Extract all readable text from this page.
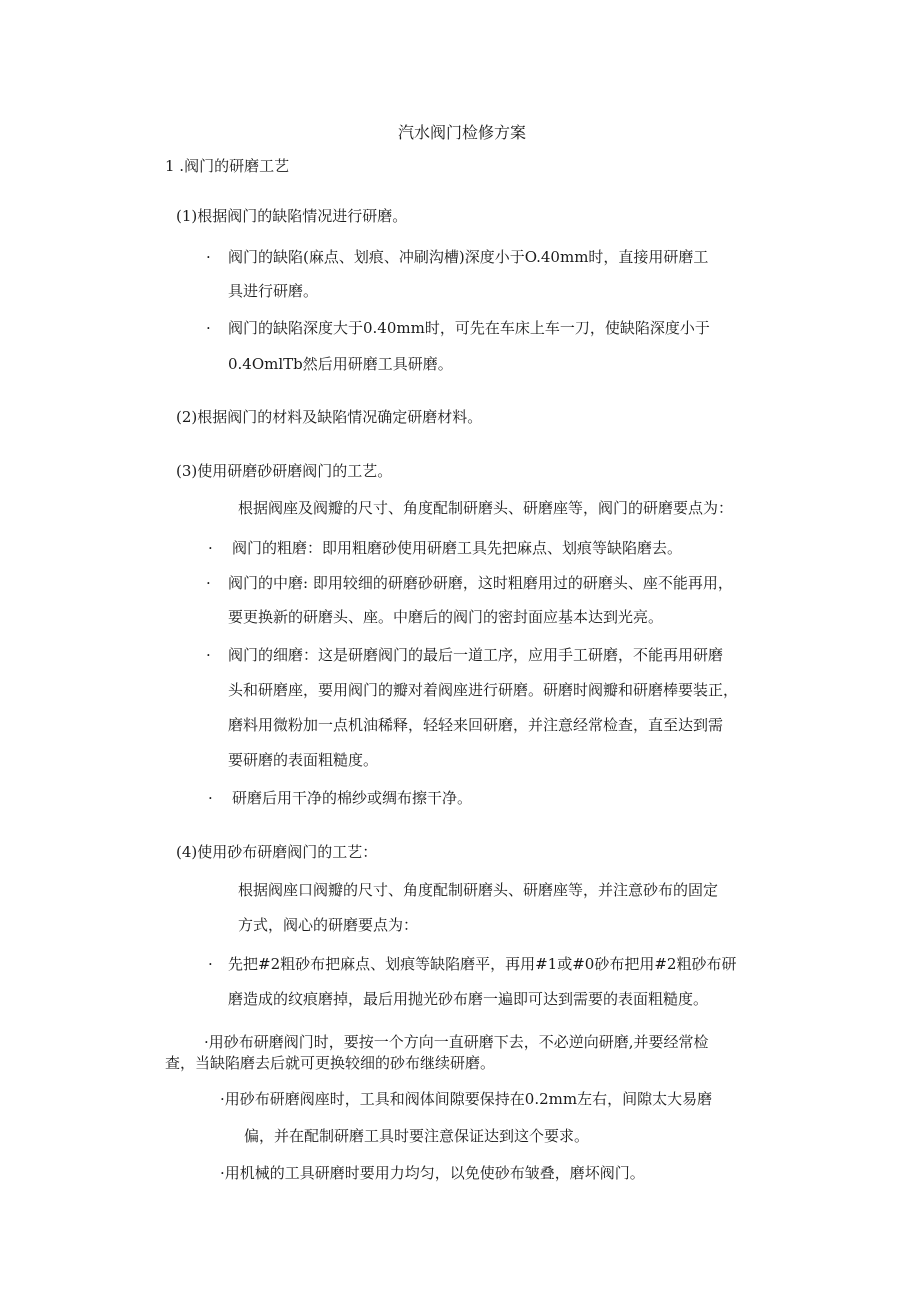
汽水阀门检修方案
1 .阀门的研磨工艺
(1)根据阀门的缺陷情况进行研磨。
· 阀门的缺陷(麻点、划痕、冲刷沟槽)深度小于O.40mm时，直接用研磨工
具进行研磨。
· 阀门的缺陷深度大于0.40mm时，可先在车床上车一刀，使缺陷深度小于
0.4OmlTb然后用研磨工具研磨。
(2)根据阀门的材料及缺陷情况确定研磨材料。
(3)使用研磨砂研磨阀门的工艺。
根据阀座及阀瓣的尺寸、角度配制研磨头、研磨座等，阀门的研磨要点为：
· 阀门的粗磨：即用粗磨砂使用研磨工具先把麻点、划痕等缺陷磨去。
· 阀门的中磨: 即用较细的研磨砂研磨，这时粗磨用过的研磨头、座不能再用，
要更换新的研磨头、座。中磨后的阀门的密封面应基本达到光亮。
· 阀门的细磨：这是研磨阀门的最后一道工序，应用手工研磨，不能再用研磨
头和研磨座，要用阀门的瓣对着阀座进行研磨。研磨时阀瓣和研磨棒要装正，
磨料用微粉加一点机油稀释，轻轻来回研磨，并注意经常检查，直至达到需
要研磨的表面粗糙度。
· 研磨后用干净的棉纱或绸布擦干净。
(4)使用砂布研磨阀门的工艺：
根据阀座口阀瓣的尺寸、角度配制研磨头、研磨座等，并注意砂布的固定
方式，阀心的研磨要点为：
· 先把#2粗砂布把麻点、划痕等缺陷磨平，再用#1或#0砂布把用#2粗砂布研
磨造成的纹痕磨掉，最后用抛光砂布磨一遍即可达到需要的表面粗糙度。
·用砂布研磨阀门时，要按一个方向一直研磨下去，不必逆向研磨,并要经常检
查，当缺陷磨去后就可更换较细的砂布继续研磨。
·用砂布研磨阀座时，工具和阀体间隙要保持在0.2mm左右，间隙太大易磨
偏，并在配制研磨工具时要注意保证达到这个要求。
·用机械的工具研磨时要用力均匀，以免使砂布皱叠，磨坏阀门。
